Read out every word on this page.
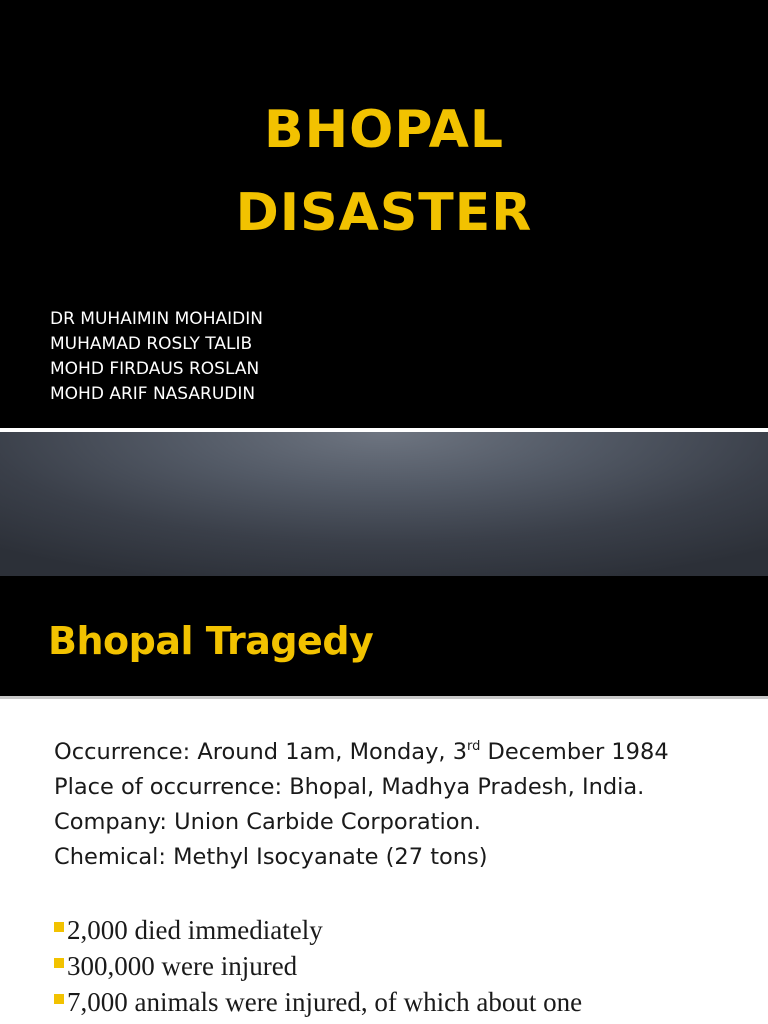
BHOPAL
DISASTER
DR MUHAIMIN MOHAIDIN
MUHAMAD ROSLY TALIB
MOHD FIRDAUS ROSLAN
MOHD ARIF NASARUDIN
Bhopal Tragedy
Occurrence: Around 1am, Monday, 3rd December 1984
Place of occurrence: Bhopal, Madhya Pradesh, India.
Company: Union Carbide Corporation.
Chemical: Methyl Isocyanate (27 tons)
2,000 died immediately
300,000 were injured
7,000 animals were injured, of which about one
